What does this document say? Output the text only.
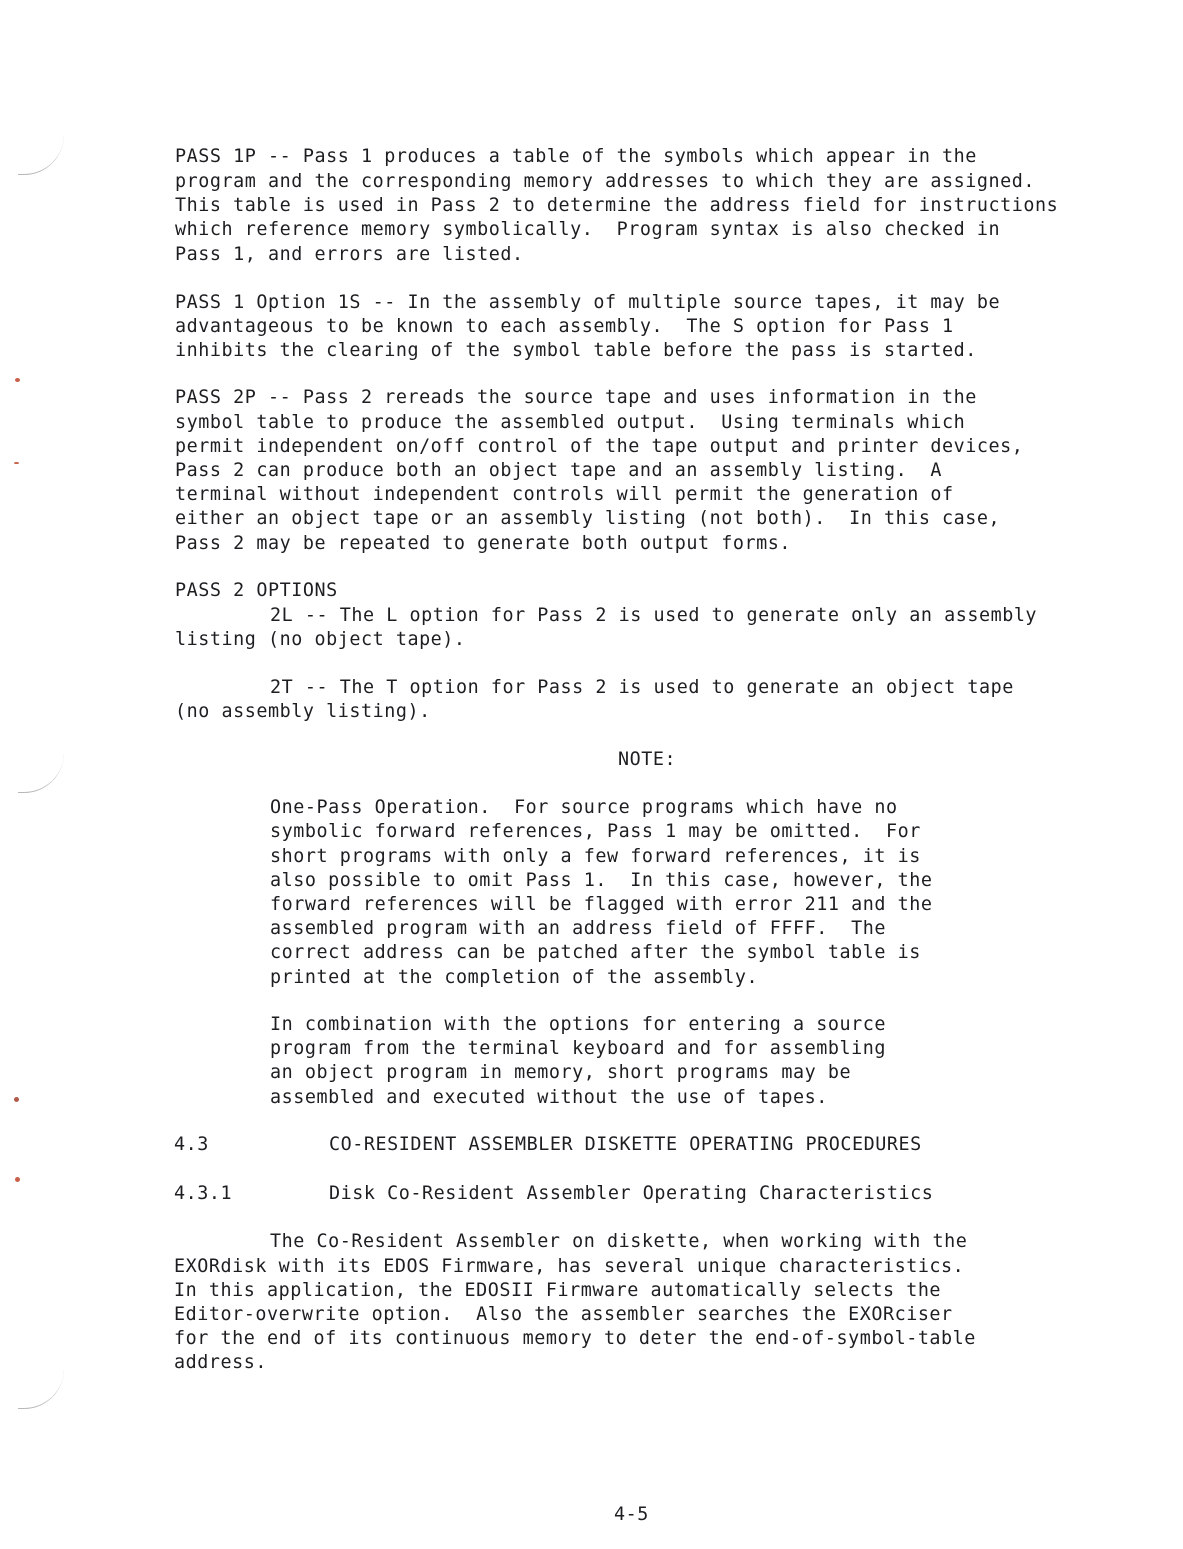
PASS 1P -- Pass 1 produces a table of the symbols which appear in the
program and the corresponding memory addresses to which they are assigned.
This table is used in Pass 2 to determine the address field for instructions
which reference memory symbolically.  Program syntax is also checked in
Pass 1, and errors are listed.
PASS 1 Option 1S -- In the assembly of multiple source tapes, it may be
advantageous to be known to each assembly.  The S option for Pass 1
inhibits the clearing of the symbol table before the pass is started.
PASS 2P -- Pass 2 rereads the source tape and uses information in the
symbol table to produce the assembled output.  Using terminals which
permit independent on/off control of the tape output and printer devices,
Pass 2 can produce both an object tape and an assembly listing.  A
terminal without independent controls will permit the generation of
either an object tape or an assembly listing (not both).  In this case,
Pass 2 may be repeated to generate both output forms.
PASS 2 OPTIONS
2L -- The L option for Pass 2 is used to generate only an assembly
listing (no object tape).
2T -- The T option for Pass 2 is used to generate an object tape
(no assembly listing).
NOTE:
One-Pass Operation.  For source programs which have no
symbolic forward references, Pass 1 may be omitted.  For
short programs with only a few forward references, it is
also possible to omit Pass 1.  In this case, however, the
forward references will be flagged with error 211 and the
assembled program with an address field of FFFF.  The
correct address can be patched after the symbol table is
printed at the completion of the assembly.
In combination with the options for entering a source
program from the terminal keyboard and for assembling
an object program in memory, short programs may be
assembled and executed without the use of tapes.
4.3	CO-RESIDENT ASSEMBLER DISKETTE OPERATING PROCEDURES
4.3.1	Disk Co-Resident Assembler Operating Characteristics
The Co-Resident Assembler on diskette, when working with the
EXORdisk with its EDOS Firmware, has several unique characteristics.
In this application, the EDOSII Firmware automatically selects the
Editor-overwrite option.  Also the assembler searches the EXORciser
for the end of its continuous memory to deter the end-of-symbol-table
address.
4-5
